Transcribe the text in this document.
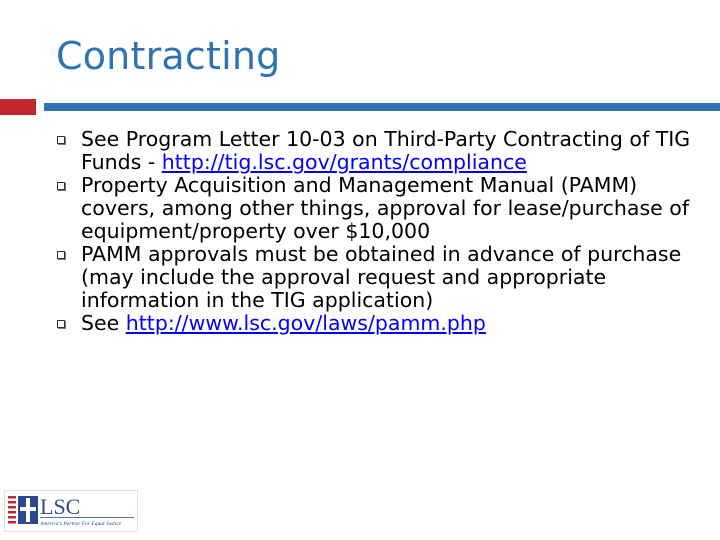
Contracting
See Program Letter 10-03 on Third-Party Contracting of TIG Funds - http://tig.lsc.gov/grants/compliance
Property Acquisition and Management Manual (PAMM) covers, among other things, approval for lease/purchase of equipment/property over $10,000
PAMM approvals must be obtained in advance of purchase (may include the approval request and appropriate information in the TIG application)
See http://www.lsc.gov/laws/pamm.php
LSC
America's Partner For Equal Justice
